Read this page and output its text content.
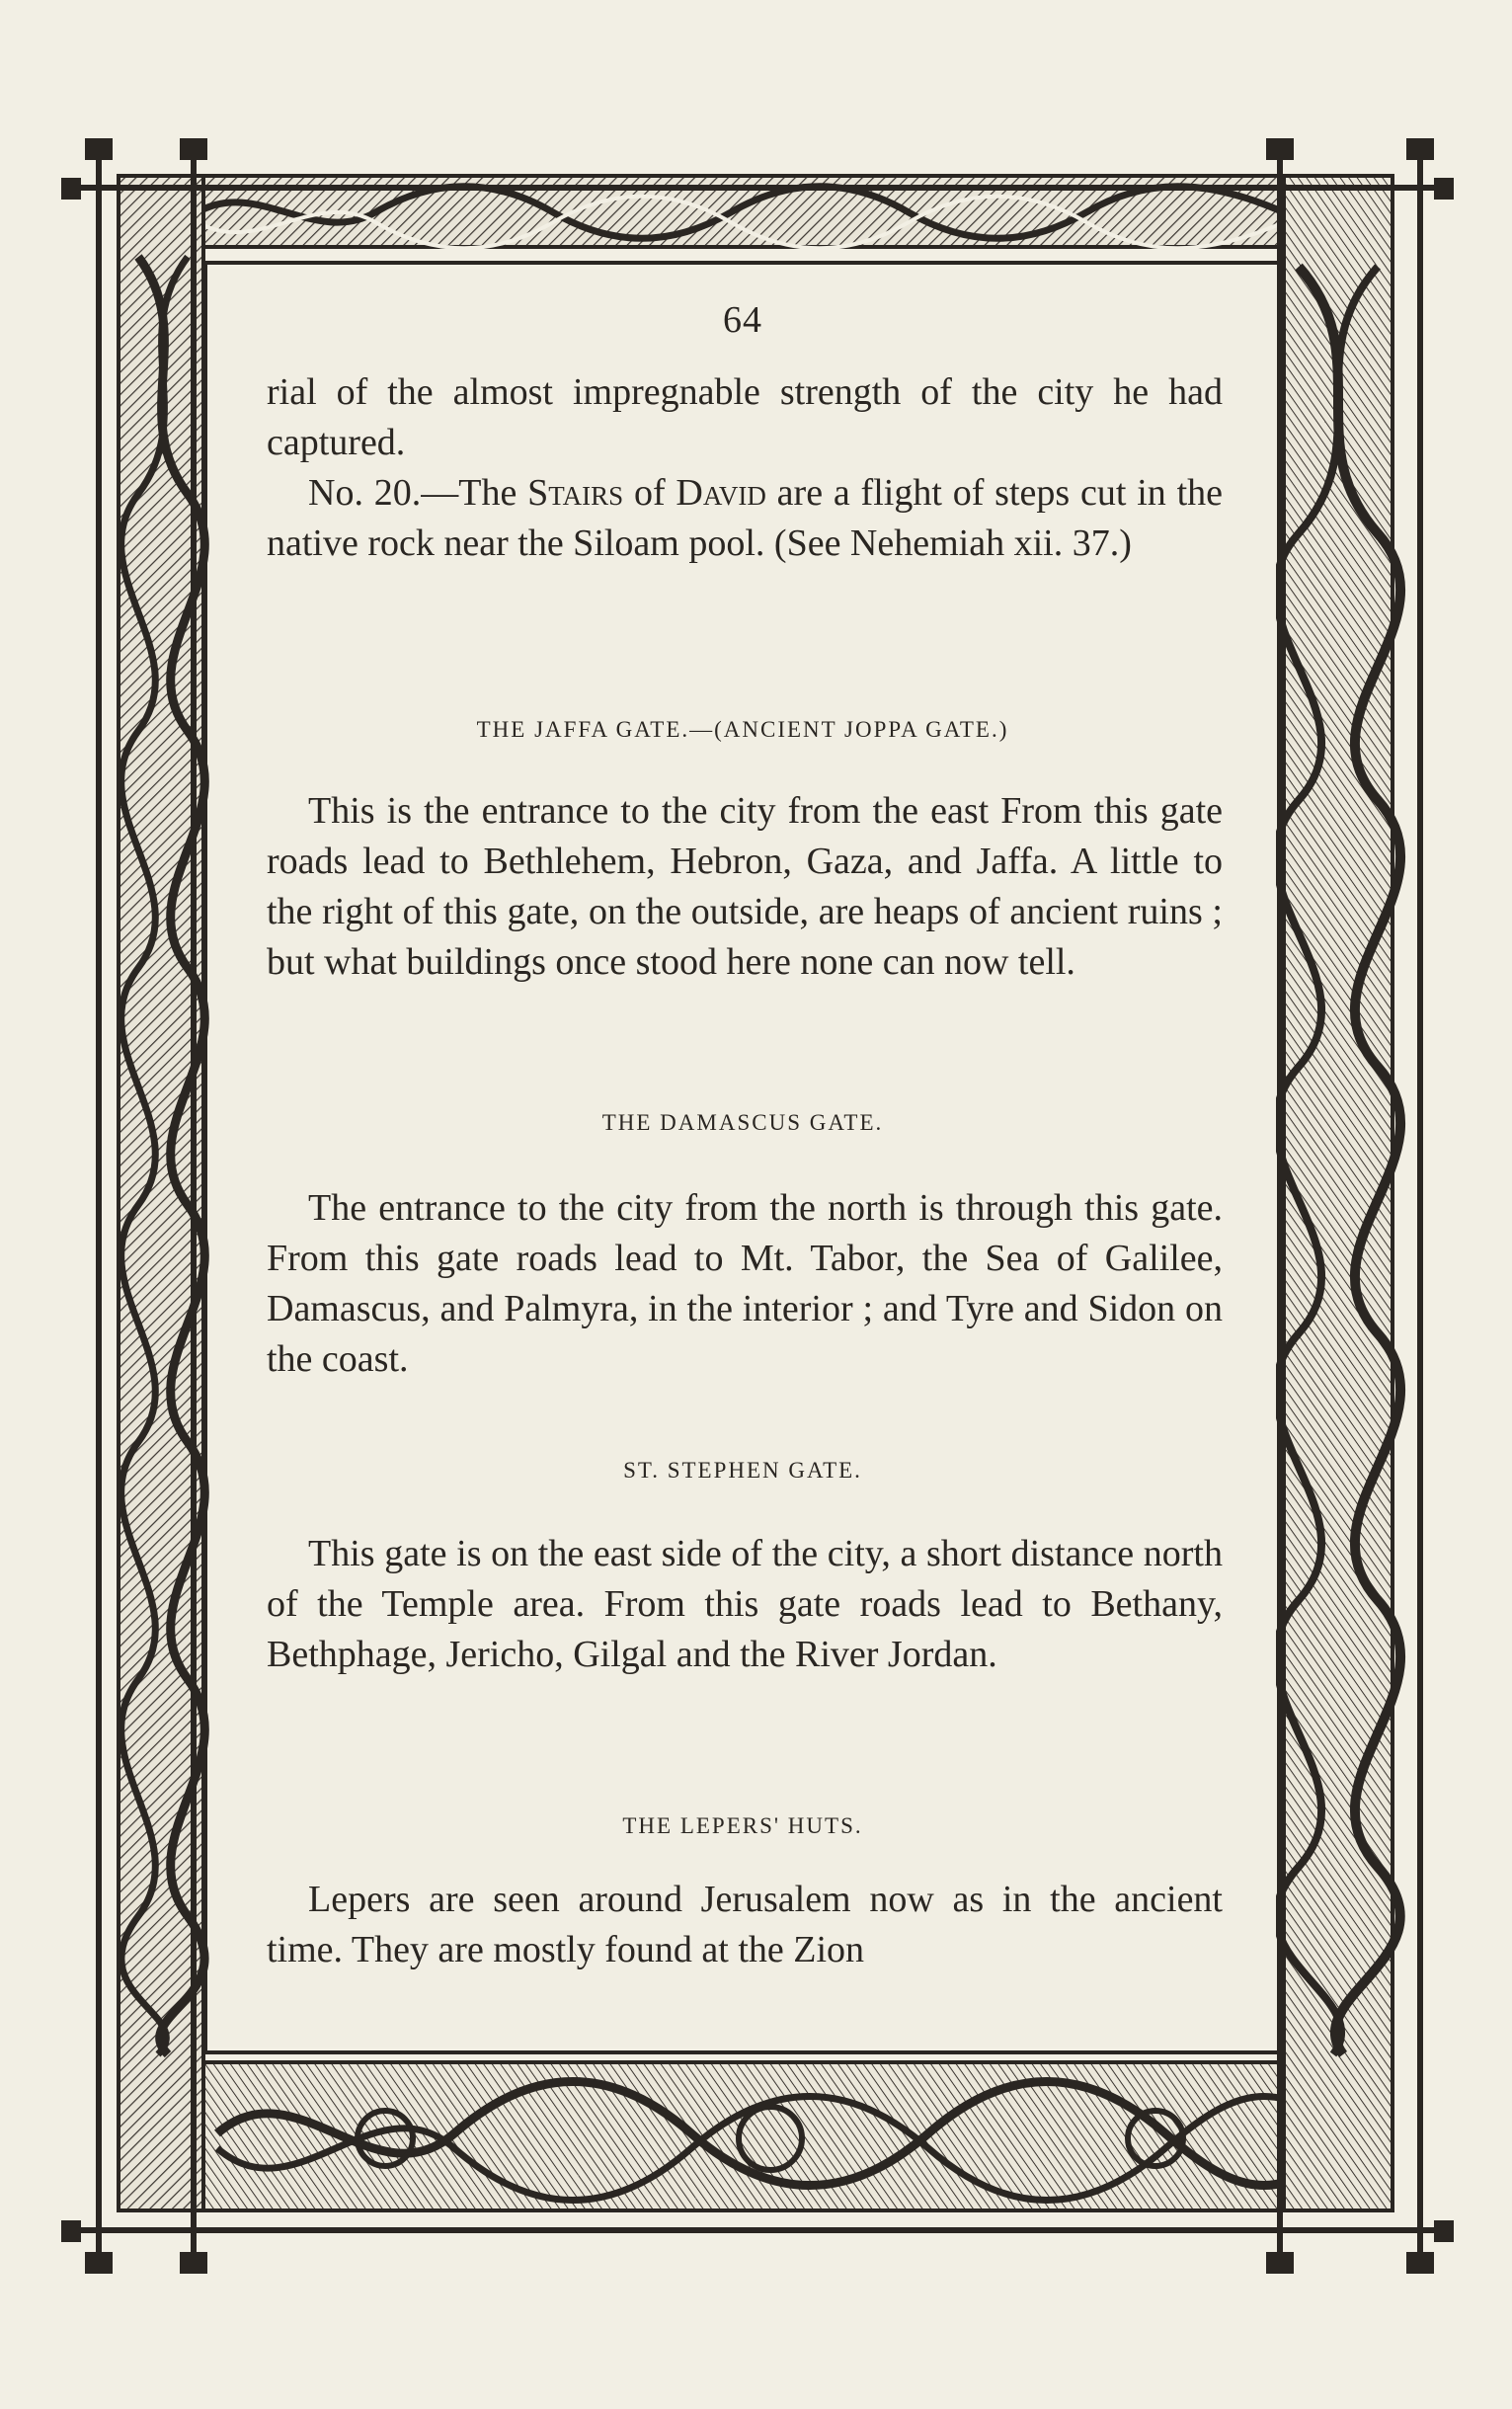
64

rial of the almost impregnable strength of the city he had captured.

No. 20.—The Stairs of David are a flight of steps cut in the native rock near the Siloam pool. (See Nehemiah xii. 37.)

THE JAFFA GATE.—(ANCIENT JOPPA GATE.)

This is the entrance to the city from the east From this gate roads lead to Bethlehem, Hebron, Gaza, and Jaffa. A little to the right of this gate, on the outside, are heaps of ancient ruins ; but what buildings once stood here none can now tell.

THE DAMASCUS GATE.

The entrance to the city from the north is through this gate. From this gate roads lead to Mt. Tabor, the Sea of Galilee, Damascus, and Palmyra, in the interior ; and Tyre and Sidon on the coast.

ST. STEPHEN GATE.

This gate is on the east side of the city, a short distance north of the Temple area. From this gate roads lead to Bethany, Bethphage, Jericho, Gilgal and the River Jordan.

THE LEPERS' HUTS.

Lepers are seen around Jerusalem now as in the ancient time. They are mostly found at the Zion
